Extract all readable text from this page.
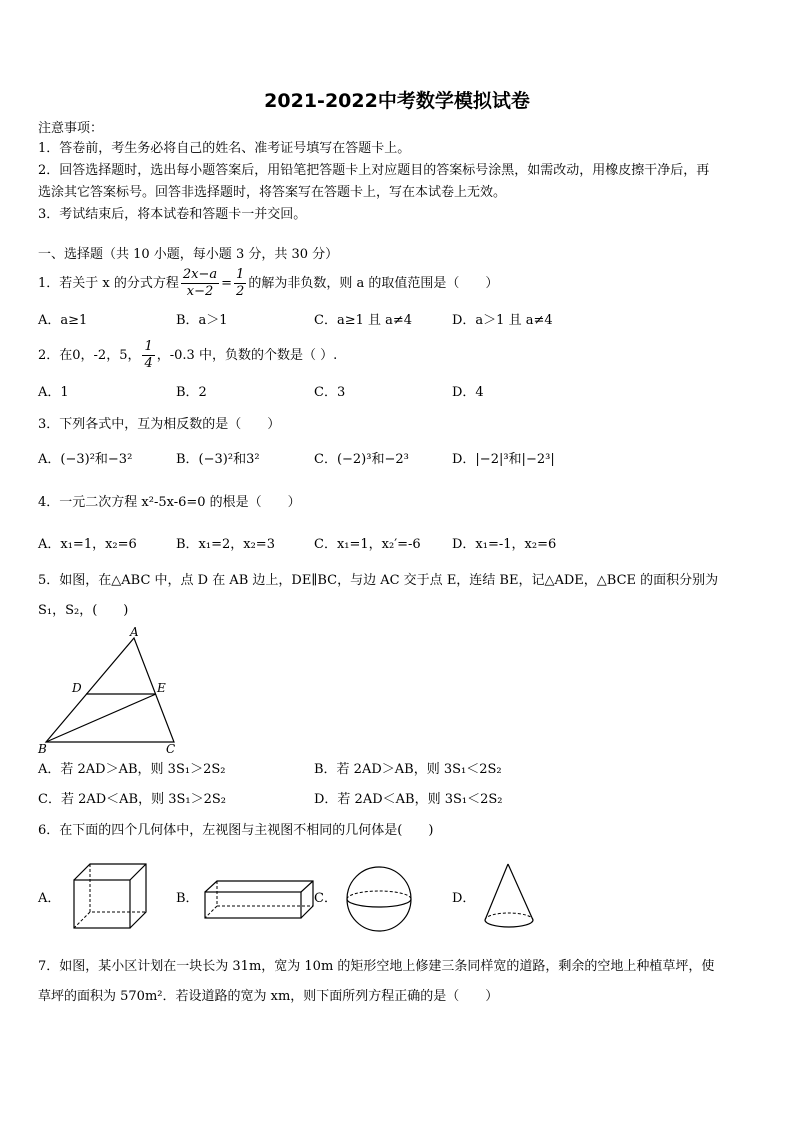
2021-2022中考数学模拟试卷
注意事项：
1．答卷前，考生务必将自己的姓名、准考证号填写在答题卡上。
2．回答选择题时，选出每小题答案后，用铅笔把答题卡上对应题目的答案标号涂黑，如需改动，用橡皮擦干净后，再
选涂其它答案标号。回答非选择题时，将答案写在答题卡上，写在本试卷上无效。
3．考试结束后，将本试卷和答题卡一并交回。
一、选择题（共 10 小题，每小题 3 分，共 30 分）
1．若关于 x 的分式方程 $\frac{2x-a}{x-2} = \frac{1}{2}$ 的解为非负数，则 a 的取值范围是（　　）
A．a≥1	B．a＞1	C．a≥1 且 a≠4	D．a＞1 且 a≠4
2．在0，-2，5， $\frac{1}{4}$ ，-0.3 中，负数的个数是（ ）.
A．1	B．2	C．3	D．4
3．下列各式中，互为相反数的是（　　）
A．(−3)²和−3²	B．(−3)²和3²	C．(−2)³和−2³	D．|−2|³和|−2³|
4．一元二次方程 x²-5x-6=0 的根是（　　）
A．x₁=1，x₂=6	B．x₁=2，x₂=3	C．x₁=1，x₂′=-6 D．x₁=-1，x₂=6
5．如图，在△ABC 中，点 D 在 AB 边上，DE∥BC，与边 AC 交于点 E，连结 BE，记△ADE，△BCE 的面积分别为
S₁，S₂，(　　)
A
D	E
B	C
A．若 2AD＞AB，则 3S₁＞2S₂	B．若 2AD＞AB，则 3S₁＜2S₂
C．若 2AD＜AB，则 3S₁＞2S₂	D．若 2AD＜AB，则 3S₁＜2S₂
6．在下面的四个几何体中，左视图与主视图不相同的几何体是(　　)
A．	B．	C．	D．
7．如图，某小区计划在一块长为 31m，宽为 10m 的矩形空地上修建三条同样宽的道路，剩余的空地上种植草坪，使
草坪的面积为 570m²．若设道路的宽为 xm，则下面所列方程正确的是（　　）
